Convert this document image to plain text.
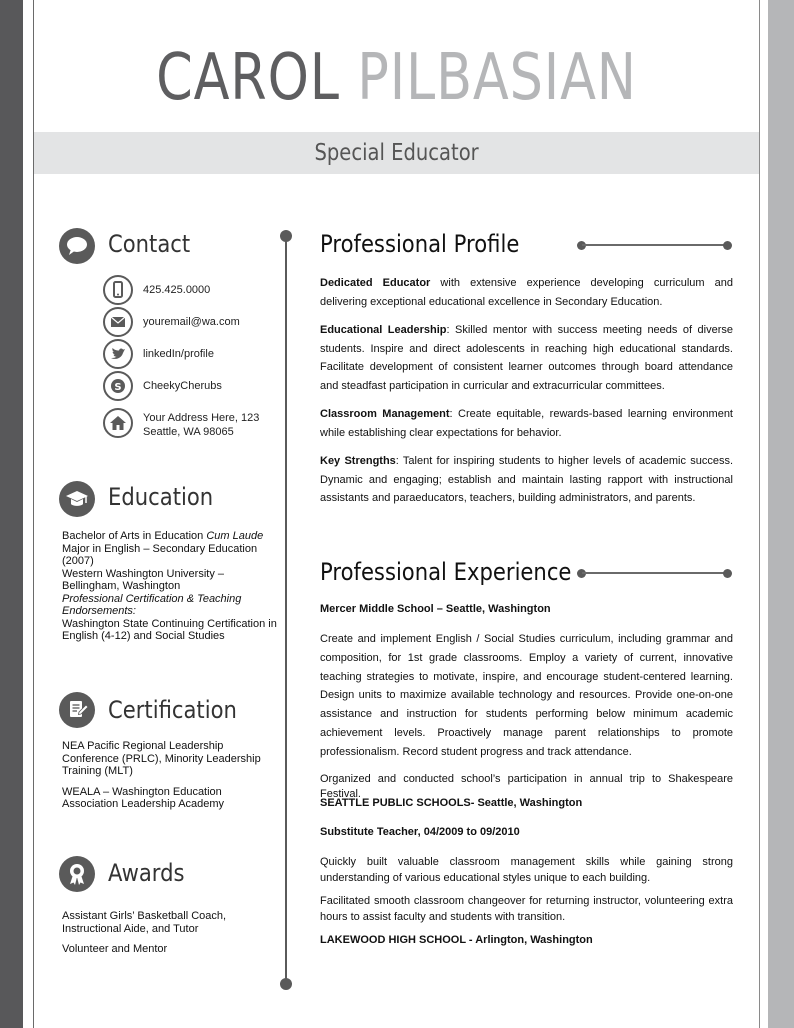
CAROL PILBASIAN
Special Educator
Contact
425.425.0000
youremail@wa.com
linkedIn/profile
S CheekyCherubs
Your Address Here, 123
Seattle, WA 98065
Education
Bachelor of Arts in Education Cum Laude
Major in English – Secondary Education
(2007)
Western Washington University –
Bellingham, Washington
Professional Certification & Teaching Endorsements:
Washington State Continuing Certification in English (4-12) and Social Studies
Certification

NEA Pacific Regional Leadership Conference (PRLC), Minority Leadership Training (MLT)

WEALA – Washington Education Association Leadership Academy

Awards

Assistant Girls’ Basketball Coach, Instructional Aide, and Tutor

Volunteer and Mentor

Professional Profile

Dedicated Educator with extensive experience developing curriculum and delivering exceptional educational excellence in Secondary Education.

Educational Leadership: Skilled mentor with success meeting needs of diverse students. Inspire and direct adolescents in reaching high educational standards. Facilitate development of consistent learner outcomes through board attendance and steadfast participation in curricular and extracurricular committees.

Classroom Management: Create equitable, rewards-based learning environment while establishing clear expectations for behavior.

Key Strengths: Talent for inspiring students to higher levels of academic success. Dynamic and engaging; establish and maintain lasting rapport with instructional assistants and paraeducators, teachers, building administrators, and parents.

Professional Experience
Mercer Middle School – Seattle, Washington
Create and implement English / Social Studies curriculum, including grammar and composition, for 1st grade classrooms. Employ a variety of current, innovative teaching strategies to motivate, inspire, and encourage student-centered learning. Design units to maximize available technology and resources. Provide one-on-one assistance and instruction for students performing below minimum academic achievement levels. Proactively manage parent relationships to promote professionalism. Record student progress and track attendance.
Organized and conducted school’s participation in annual trip to Shakespeare Festival.
SEATTLE PUBLIC SCHOOLS- Seattle, Washington
Substitute Teacher, 04/2009 to 09/2010
Quickly built valuable classroom management skills while gaining strong understanding of various educational styles unique to each building.
Facilitated smooth classroom changeover for returning instructor, volunteering extra hours to assist faculty and students with transition.
LAKEWOOD HIGH SCHOOL - Arlington, Washington
